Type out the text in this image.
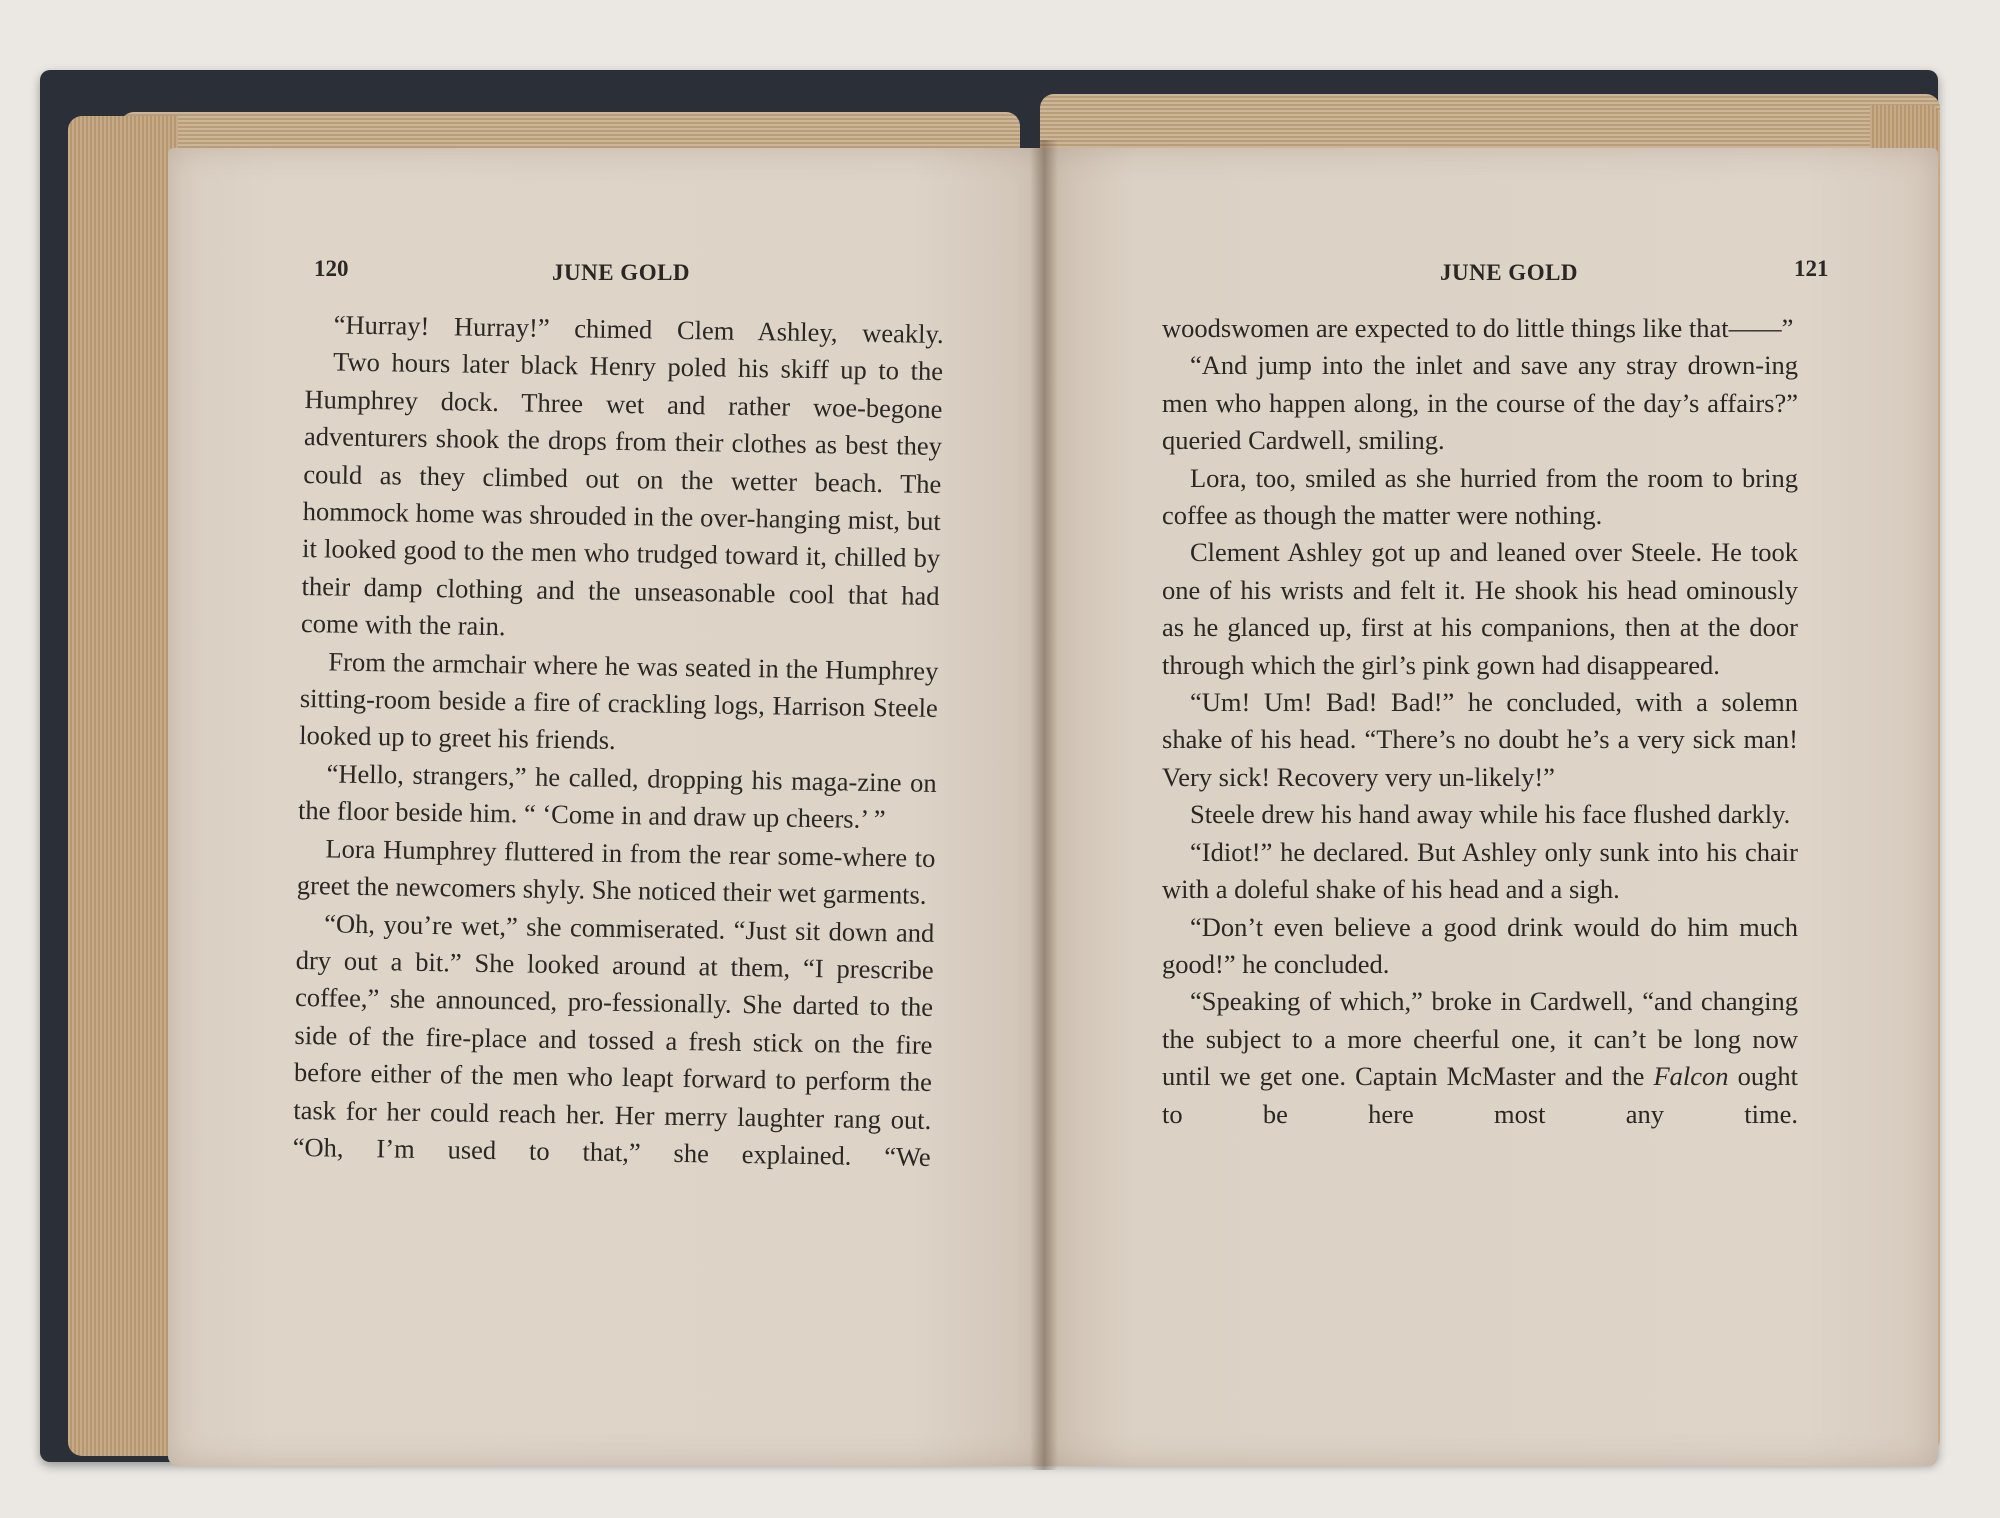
120	JUNE GOLD

“Hurray! Hurray!” chimed Clem Ashley, weakly.

Two hours later black Henry poled his skiff up to the Humphrey dock. Three wet and rather woe-begone adventurers shook the drops from their clothes as best they could as they climbed out on the wetter beach. The hommock home was shrouded in the over-hanging mist, but it looked good to the men who trudged toward it, chilled by their damp clothing and the unseasonable cool that had come with the rain.

From the armchair where he was seated in the Humphrey sitting-room beside a fire of crackling logs, Harrison Steele looked up to greet his friends.

“Hello, strangers,” he called, dropping his maga-zine on the floor beside him. “ ‘Come in and draw up cheers.’ ”

Lora Humphrey fluttered in from the rear some-where to greet the newcomers shyly. She noticed their wet garments.

“Oh, you’re wet,” she commiserated. “Just sit down and dry out a bit.” She looked around at them, “I prescribe coffee,” she announced, pro-fessionally. She darted to the side of the fire-place and tossed a fresh stick on the fire before either of the men who leapt forward to perform the task for her could reach her. Her merry laughter rang out. “Oh, I’m used to that,” she explained. “We

JUNE GOLD	121

woodswomen are expected to do little things like that——”

“And jump into the inlet and save any stray drown-ing men who happen along, in the course of the day’s affairs?” queried Cardwell, smiling.

Lora, too, smiled as she hurried from the room to bring coffee as though the matter were nothing.

Clement Ashley got up and leaned over Steele. He took one of his wrists and felt it. He shook his head ominously as he glanced up, first at his companions, then at the door through which the girl’s pink gown had disappeared.

“Um! Um! Bad! Bad!” he concluded, with a solemn shake of his head. “There’s no doubt he’s a very sick man! Very sick! Recovery very un-likely!”

Steele drew his hand away while his face flushed darkly.

“Idiot!” he declared. But Ashley only sunk into his chair with a doleful shake of his head and a sigh.

“Don’t even believe a good drink would do him much good!” he concluded.

“Speaking of which,” broke in Cardwell, “and changing the subject to a more cheerful one, it can’t be long now until we get one. Captain McMaster and the Falcon ought to be here most any time.
